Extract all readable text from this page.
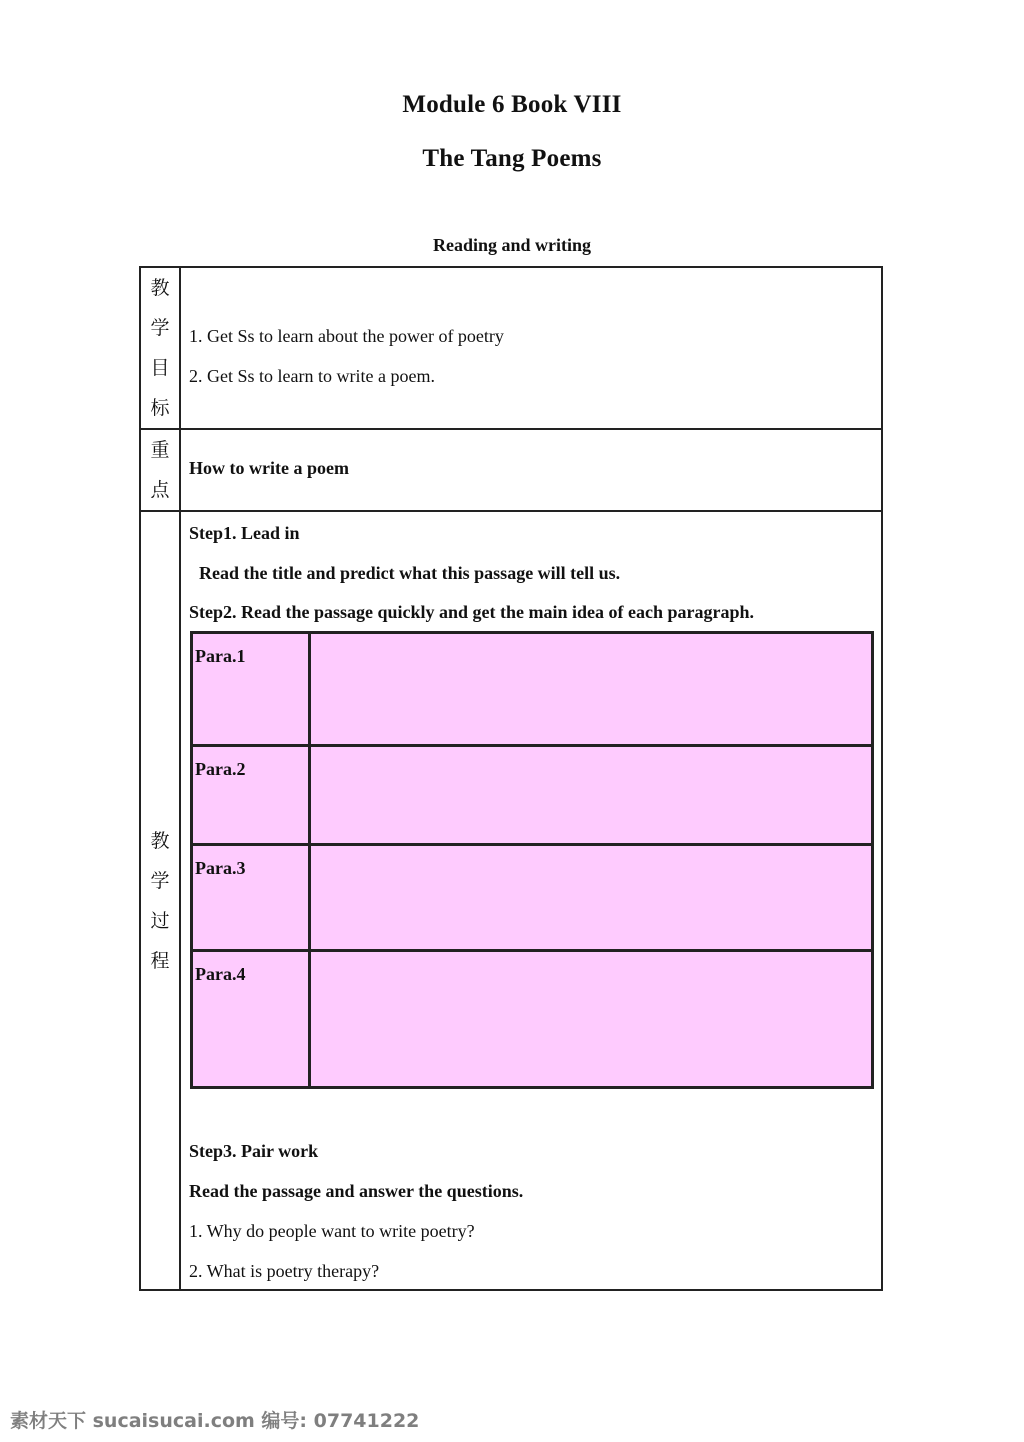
Module 6 Book VIII
The Tang Poems
Reading and writing
教
学
目
标
1. Get Ss to learn about the power of poetry
2. Get Ss to learn to write a poem.
重
点
How to write a poem
教
学
过
程
Step1. Lead in
Read the title and predict what this passage will tell us.
Step2. Read the passage quickly and get the main idea of each paragraph.
Para.1
Para.2
Para.3
Para.4
Step3. Pair work
Read the passage and answer the questions.
1. Why do people want to write poetry?
2. What is poetry therapy?
素材天下 sucaisucai.com 编号: 07741222
